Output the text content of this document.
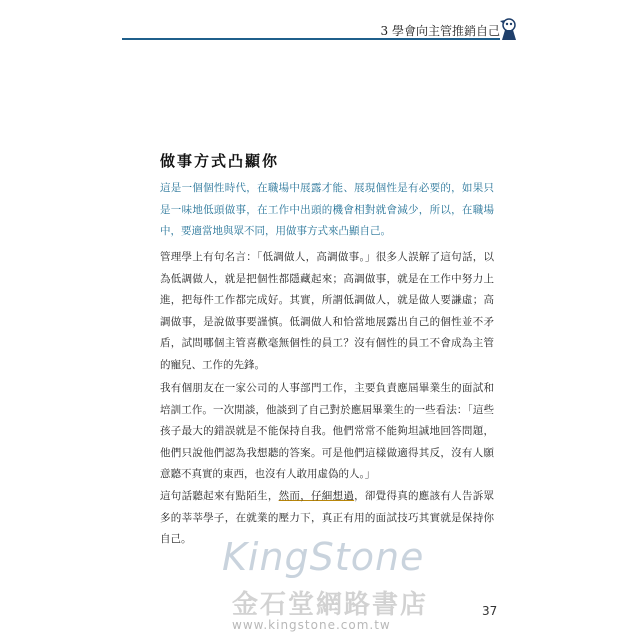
3 學會向主管推銷自己
做事方式凸顯你

這是一個個性時代，在職場中展露才能、展現個性是有必要的，如果只是一味地低頭做事，在工作中出頭的機會相對就會減少，所以，在職場中，要適當地與眾不同，用做事方式來凸顯自己。

管理學上有句名言：「低調做人，高調做事。」很多人誤解了這句話，以為低調做人，就是把個性都隱藏起來；高調做事，就是在工作中努力上進，把每件工作都完成好。其實，所謂低調做人，就是做人要謙虛；高調做事，是說做事要謹慎。低調做人和恰當地展露出自己的個性並不矛盾，試問哪個主管喜歡毫無個性的員工？沒有個性的員工不會成為主管的寵兒、工作的先鋒。

我有個朋友在一家公司的人事部門工作，主要負責應屆畢業生的面試和培訓工作。一次閒談，他談到了自己對於應屆畢業生的一些看法：「這些孩子最大的錯誤就是不能保持自我。他們常常不能夠坦誠地回答問題，他們只說他們認為我想聽的答案。可是他們這樣做適得其反，沒有人願意聽不真實的東西，也沒有人敢用虛偽的人。」

這句話聽起來有點陌生，然而，仔細想過，卻覺得真的應該有人告訴眾多的莘莘學子，在就業的壓力下，真正有用的面試技巧其實就是保持你自己。 KingStone
金石堂網路書店
www.kingstone.com.tw
37
